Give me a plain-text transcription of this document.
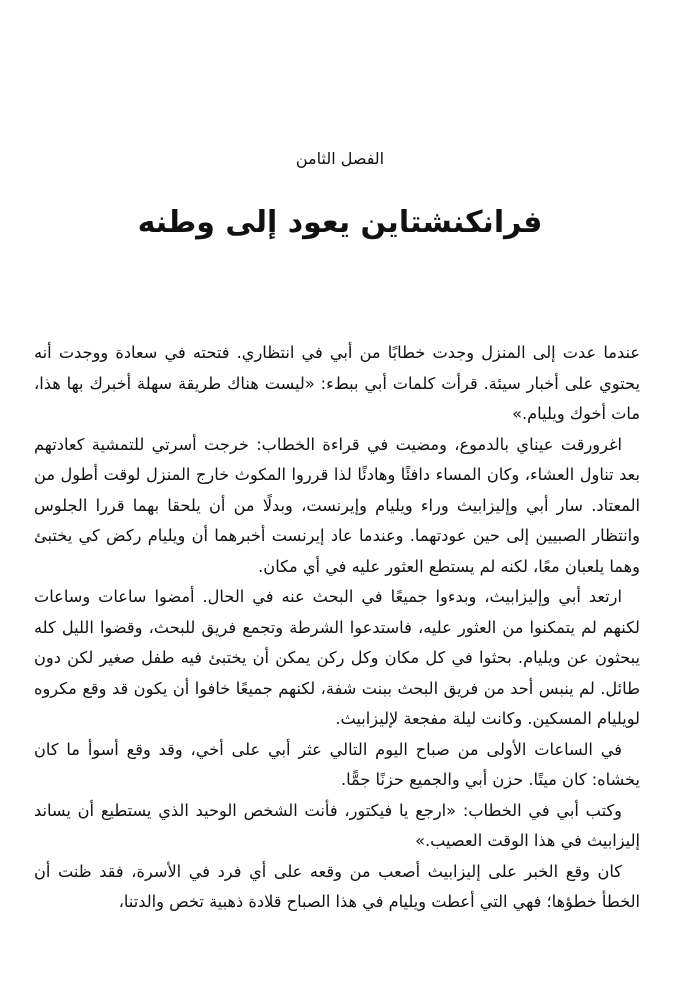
الفصل الثامن
فرانكنشتاين يعود إلى وطنه

عندما عدت إلى المنزل وجدت خطابًا من أبي في انتظاري. فتحته في سعادة ووجدت أنه يحتوي على أخبار سيئة. قرأت كلمات أبي ببطء: «ليست هناك طريقة سهلة أخبرك بها هذا، مات أخوك ويليام.»

اغرورقت عيناي بالدموع، ومضيت في قراءة الخطاب: خرجت أسرتي للتمشية كعادتهم بعد تناول العشاء، وكان المساء دافئًا وهادئًا لذا قرروا المكوث خارج المنزل لوقت أطول من المعتاد. سار أبي وإليزابيث وراء ويليام وإيرنست، وبدلًا من أن يلحقا بهما قررا الجلوس وانتظار الصبيين إلى حين عودتهما. وعندما عاد إيرنست أخبرهما أن ويليام ركض كي يختبئ وهما يلعبان معًا، لكنه لم يستطع العثور عليه في أي مكان.

ارتعد أبي وإليزابيث، وبدءوا جميعًا في البحث عنه في الحال. أمضوا ساعات وساعات لكنهم لم يتمكنوا من العثور عليه، فاستدعوا الشرطة وتجمع فريق للبحث، وقضوا الليل كله يبحثون عن ويليام. بحثوا في كل مكان وكل ركن يمكن أن يختبئ فيه طفل صغير لكن دون طائل. لم ينبس أحد من فريق البحث ببنت شفة، لكنهم جميعًا خافوا أن يكون قد وقع مكروه لويليام المسكين. وكانت ليلة مفجعة لإليزابيث.

في الساعات الأولى من صباح اليوم التالي عثر أبي على أخي، وقد وقع أسوأ ما كان يخشاه: كان ميتًا. حزن أبي والجميع حزنًا جمًّا.

وكتب أبي في الخطاب: «ارجع يا فيكتور، فأنت الشخص الوحيد الذي يستطيع أن يساند إليزابيث في هذا الوقت العصيب.»

كان وقع الخبر على إليزابيث أصعب من وقعه على أي فرد في الأسرة، فقد ظنت أن الخطأ خطؤها؛ فهي التي أعطت ويليام في هذا الصباح قلادة ذهبية تخص والدتنا،
